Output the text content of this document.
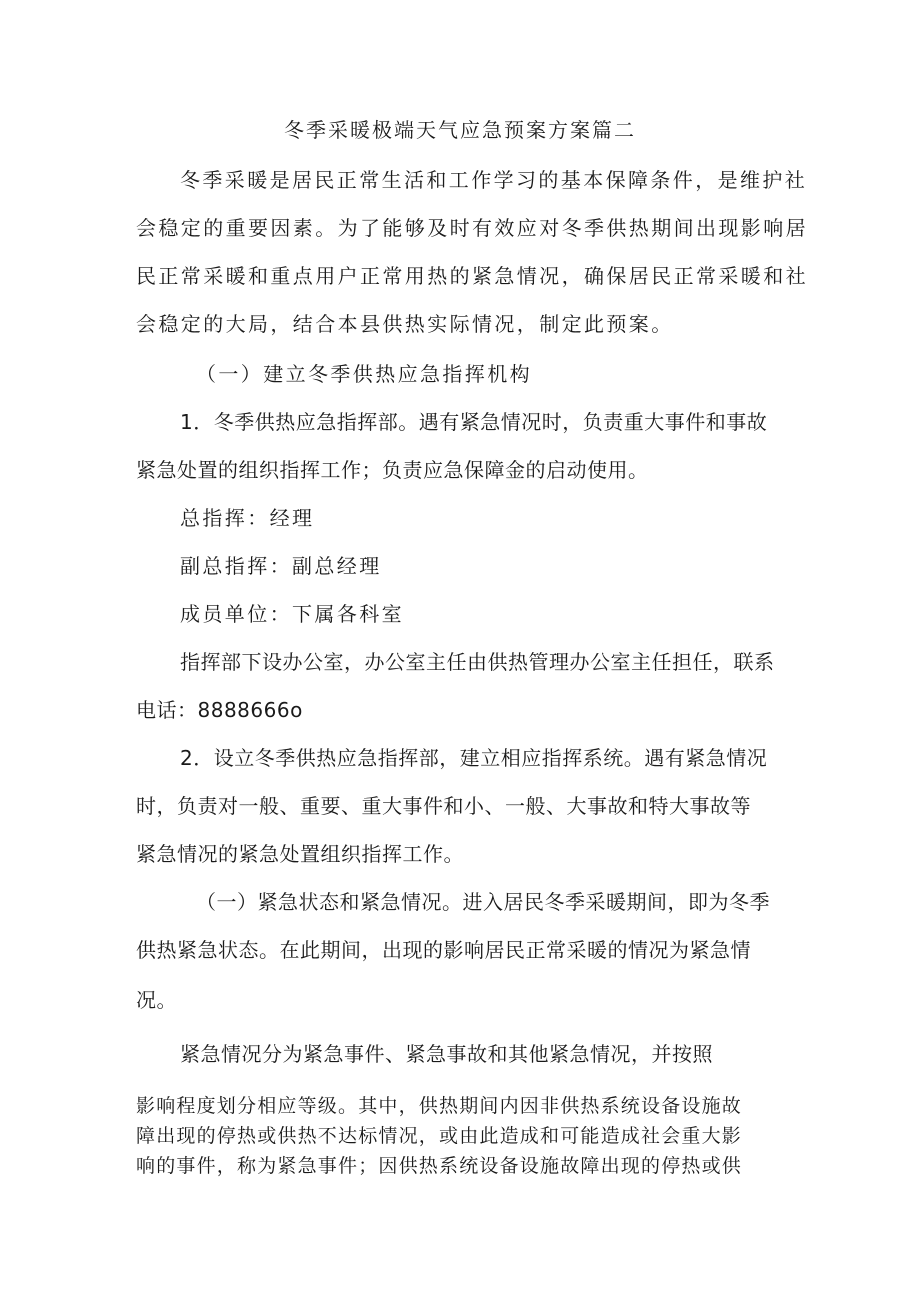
冬季采暖极端天气应急预案方案篇二
冬季采暖是居民正常生活和工作学习的基本保障条件，是维护社
会稳定的重要因素。为了能够及时有效应对冬季供热期间出现影响居
民正常采暖和重点用户正常用热的紧急情况，确保居民正常采暖和社
会稳定的大局，结合本县供热实际情况，制定此预案。
（一）建立冬季供热应急指挥机构
1．冬季供热应急指挥部。遇有紧急情况时，负责重大事件和事故
紧急处置的组织指挥工作；负责应急保障金的启动使用。
总指挥：经理
副总指挥：副总经理
成员单位：下属各科室
指挥部下设办公室，办公室主任由供热管理办公室主任担任，联系
电话：8888666o
2．设立冬季供热应急指挥部，建立相应指挥系统。遇有紧急情况
时，负责对一般、重要、重大事件和小、一般、大事故和特大事故等
紧急情况的紧急处置组织指挥工作。
（一）紧急状态和紧急情况。进入居民冬季采暖期间，即为冬季
供热紧急状态。在此期间，出现的影响居民正常采暖的情况为紧急情
况。
紧急情况分为紧急事件、紧急事故和其他紧急情况，并按照
影响程度划分相应等级。其中，供热期间内因非供热系统设备设施故
障出现的停热或供热不达标情况，或由此造成和可能造成社会重大影
响的事件，称为紧急事件；因供热系统设备设施故障出现的停热或供
